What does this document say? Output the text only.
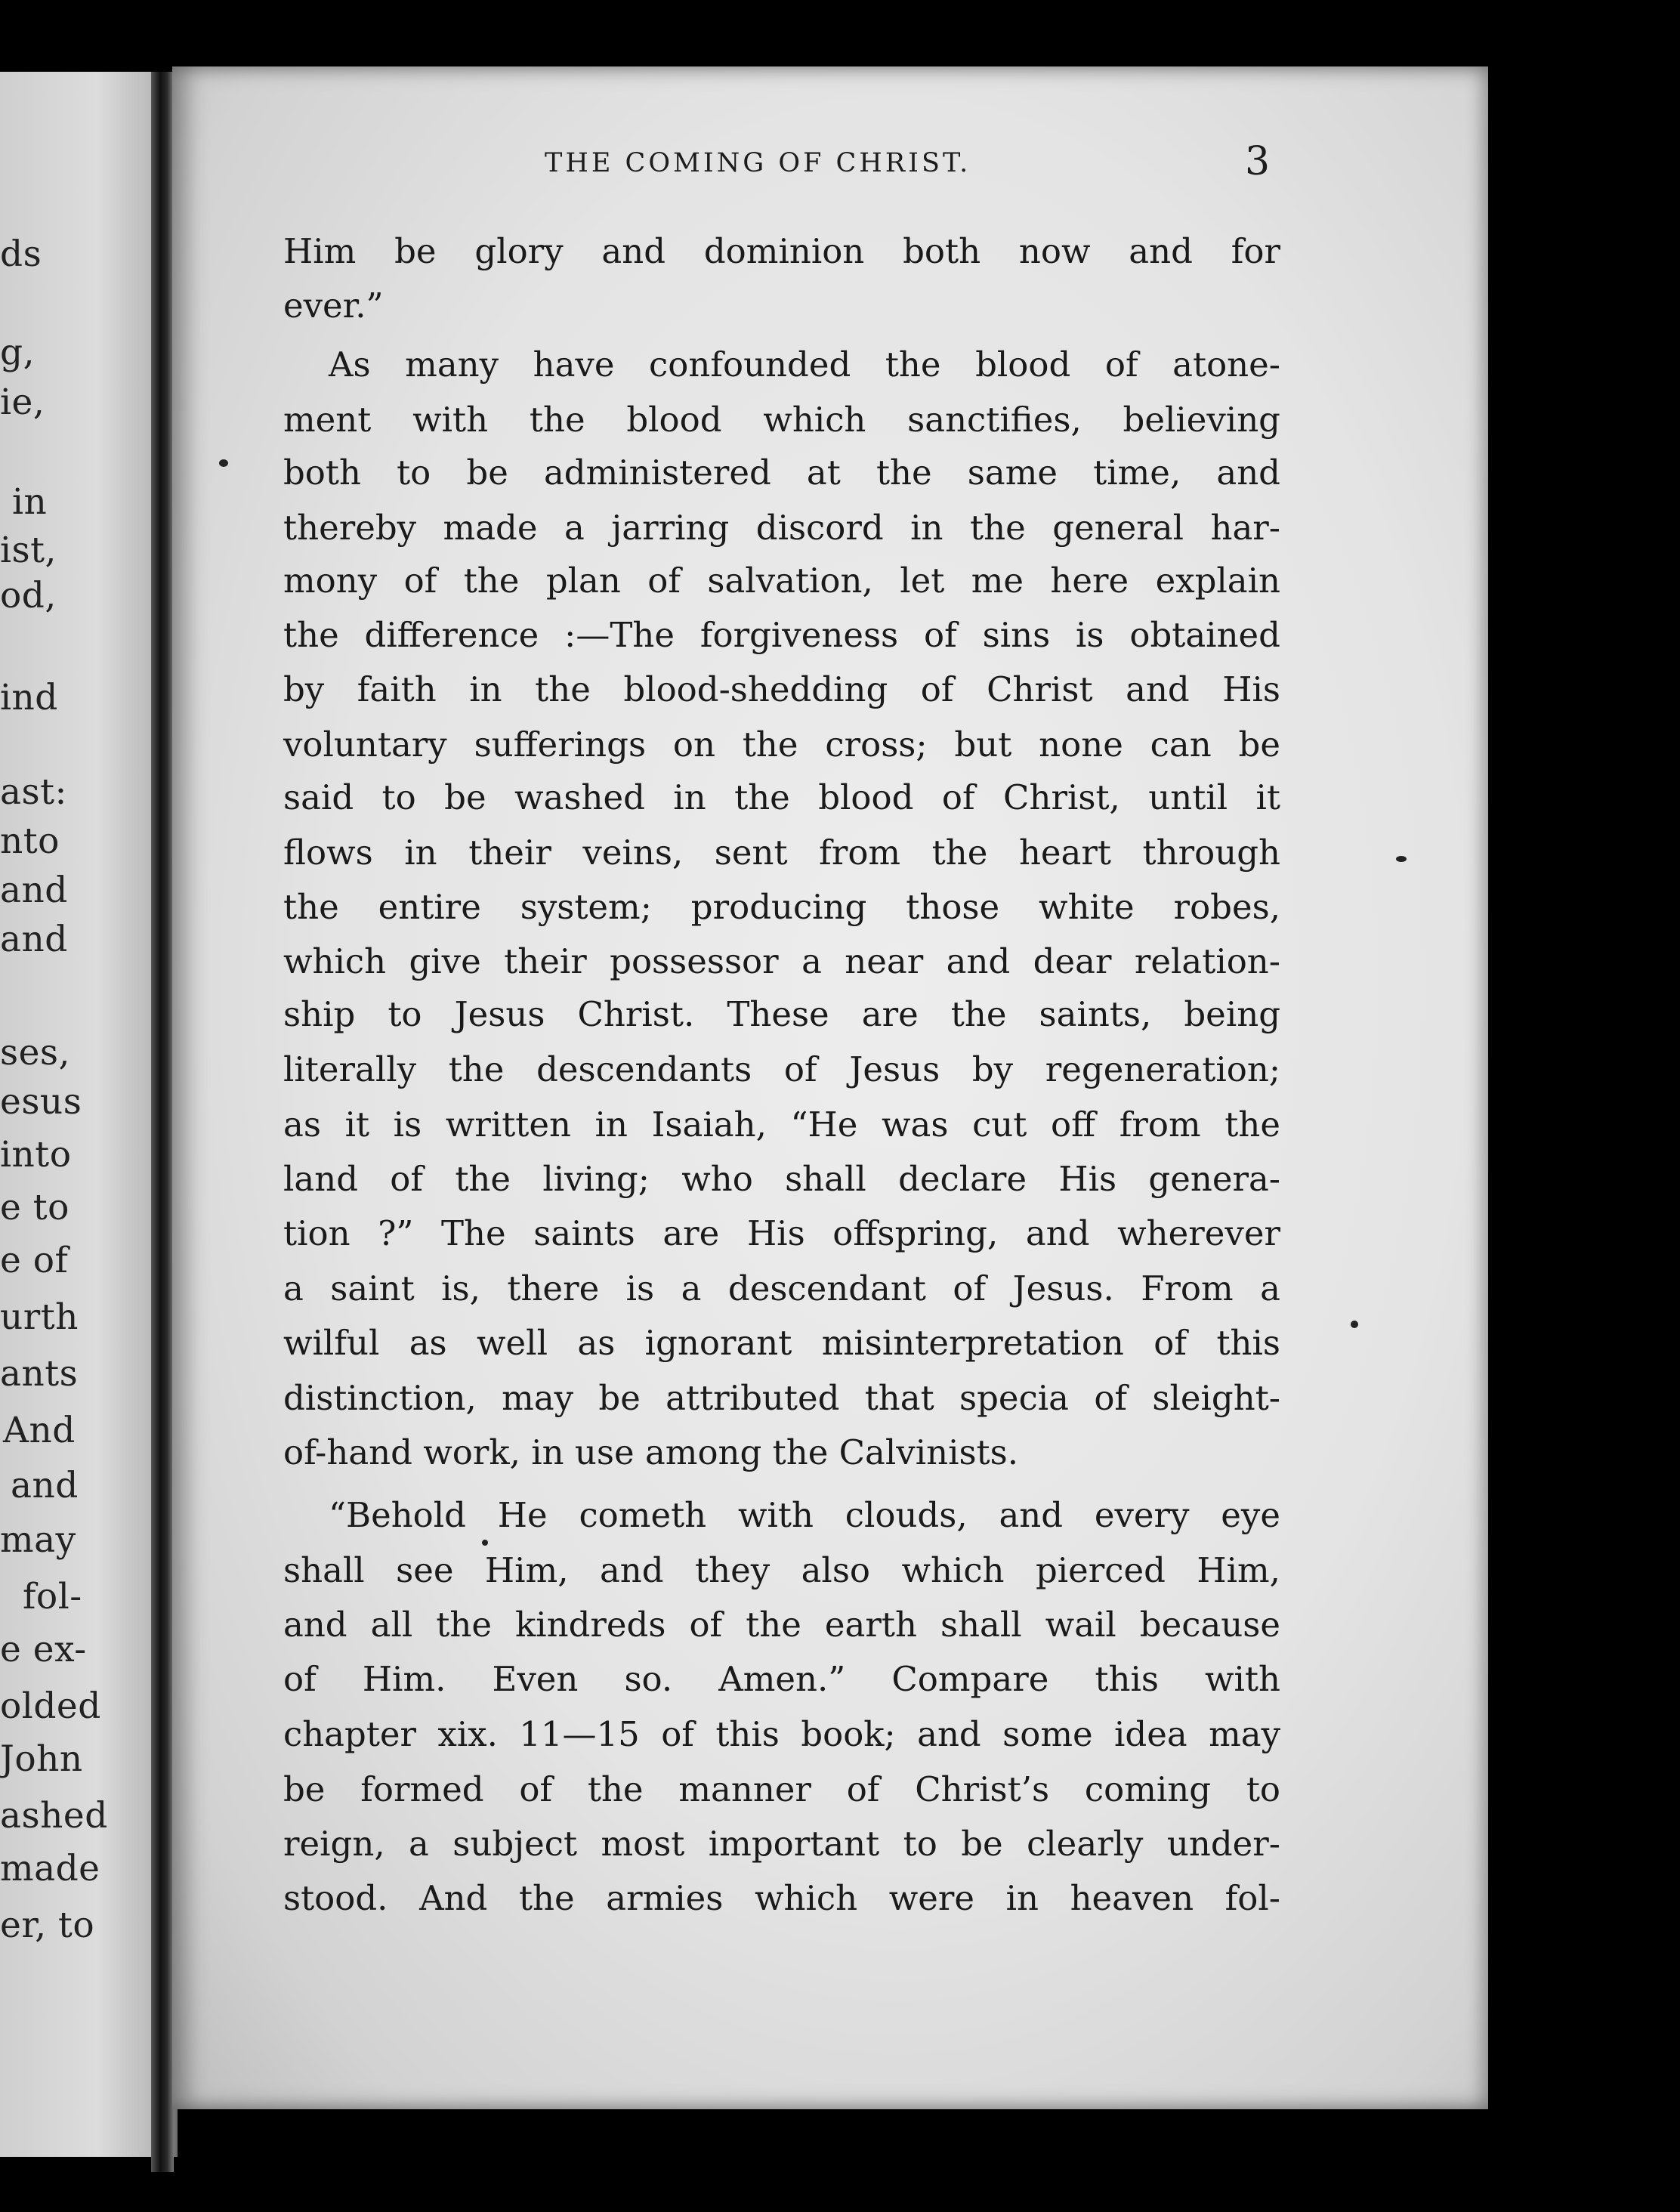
ds
g,
ie,
in
ist,
od,
ind
ast:
nto
and
and
ses,
esus
into
e to
e of
urth
ants
And
and
may
fol-
e ex-
olded
John
ashed
made
er, to
THE COMING OF CHRIST.	3
Him be glory and dominion both now and for
ever.”
As many have confounded the blood of atone-
ment with the blood which sanctifies, believing
both to be administered at the same time, and
thereby made a jarring discord in the general har-
mony of the plan of salvation, let me here explain
the difference :—The forgiveness of sins is obtained
by faith in the blood-shedding of Christ and His
voluntary sufferings on the cross; but none can be
said to be washed in the blood of Christ, until it
flows in their veins, sent from the heart through
the entire system; producing those white robes,
which give their possessor a near and dear relation-
ship to Jesus Christ. These are the saints, being
literally the descendants of Jesus by regeneration;
as it is written in Isaiah, “He was cut off from the
land of the living; who shall declare His genera-
tion ?” The saints are His offspring, and wherever
a saint is, there is a descendant of Jesus. From a
wilful as well as ignorant misinterpretation of this
distinction, may be attributed that specia of sleight-
of-hand work, in use among the Calvinists.
“Behold He cometh with clouds, and every eye
shall see Him, and they also which pierced Him,
and all the kindreds of the earth shall wail because
of Him. Even so. Amen.” Compare this with
chapter xix. 11—15 of this book; and some idea may
be formed of the manner of Christ’s coming to
reign, a subject most important to be clearly under-
stood. And the armies which were in heaven fol-
